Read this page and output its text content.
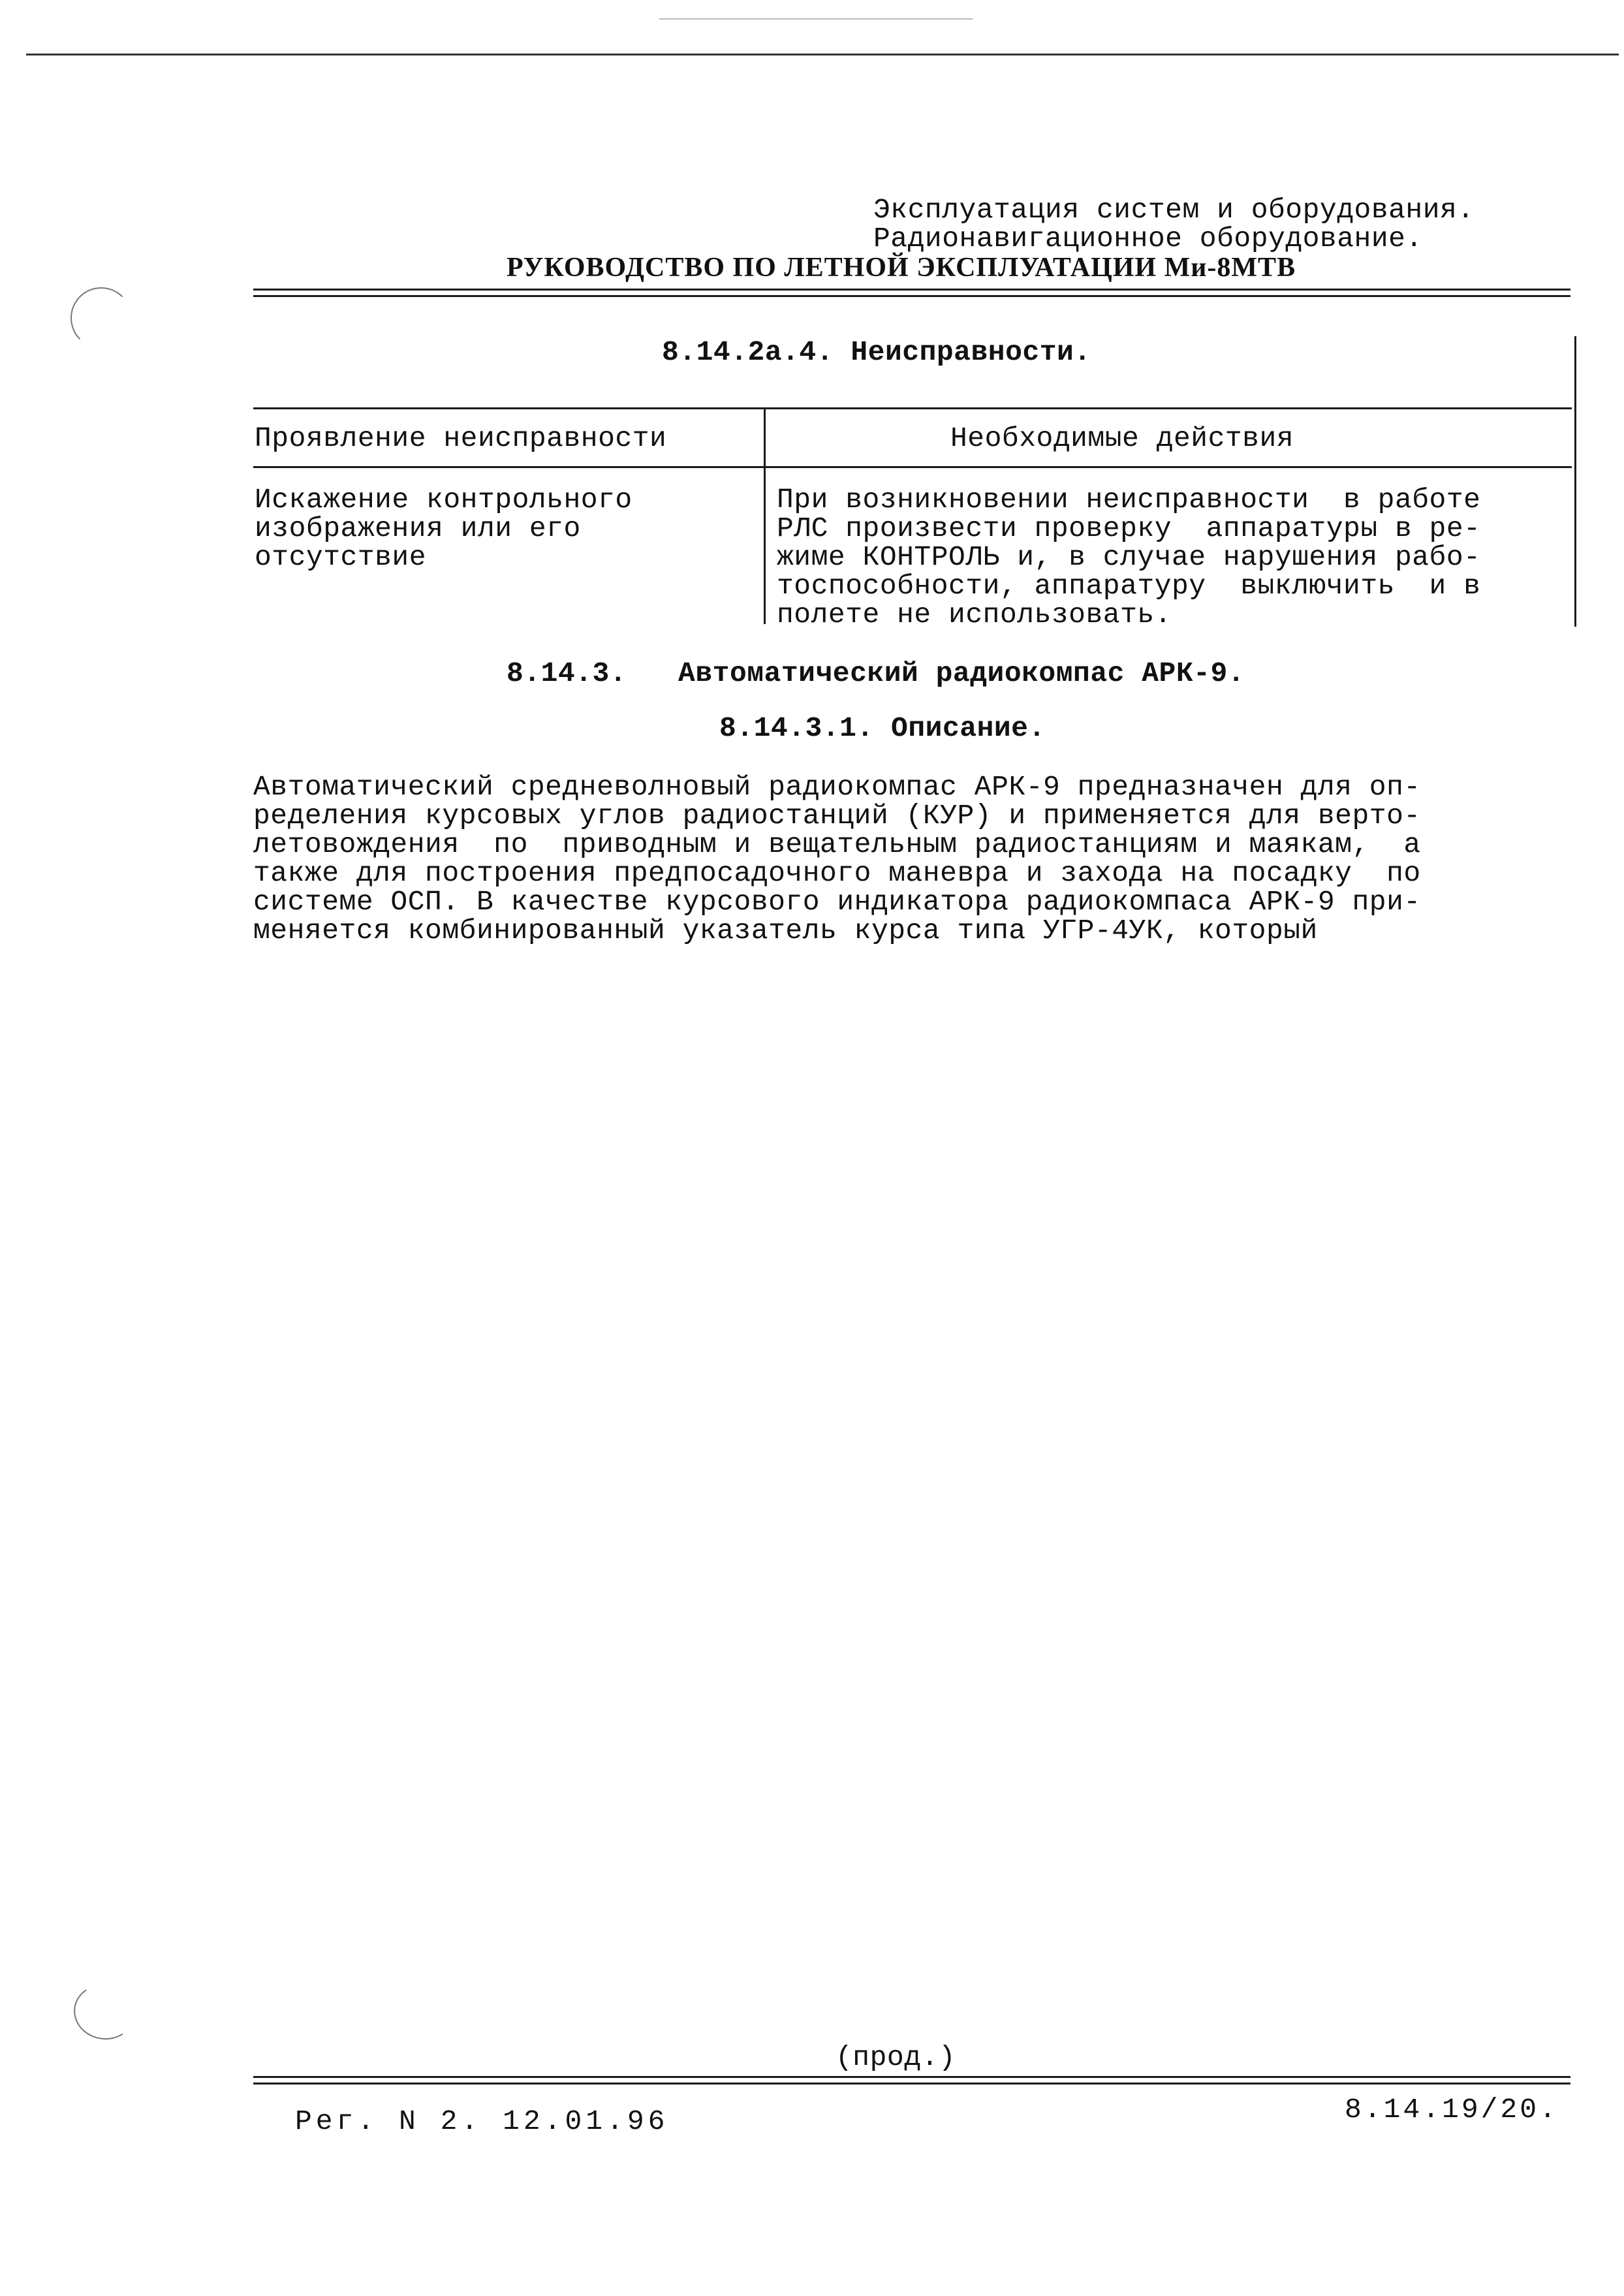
Эксплуатация систем и оборудования.
Радионавигационное оборудование.
РУКОВОДСТВО ПО ЛЕТНОЙ ЭКСПЛУАТАЦИИ Ми-8МТВ
8.14.2а.4. Неисправности.
Проявление неисправности	Необходимые действия
Искажение контрольного
изображения или его
отсутствие
При возникновении неисправности  в работе
РЛС произвести проверку  аппаратуры в ре-
жиме КОНТРОЛЬ и, в случае нарушения рабо-
тоспособности, аппаратуру  выключить  и в
полете не использовать.
8.14.3.   Автоматический радиокомпас АРК-9.
8.14.3.1. Описание.
Автоматический средневолновый радиокомпас АРК-9 предназначен для оп-
ределения курсовых углов радиостанций (КУР) и применяется для верто-
летовождения  по  приводным и вещательным радиостанциям и маякам,  а
также для построения предпосадочного маневра и захода на посадку  по
системе ОСП. В качестве курсового индикатора радиокомпаса АРК-9 при-
меняется комбинированный указатель курса типа УГР-4УК, который
(прод.)
Рег. N 2. 12.01.96	8.14.19/20.
